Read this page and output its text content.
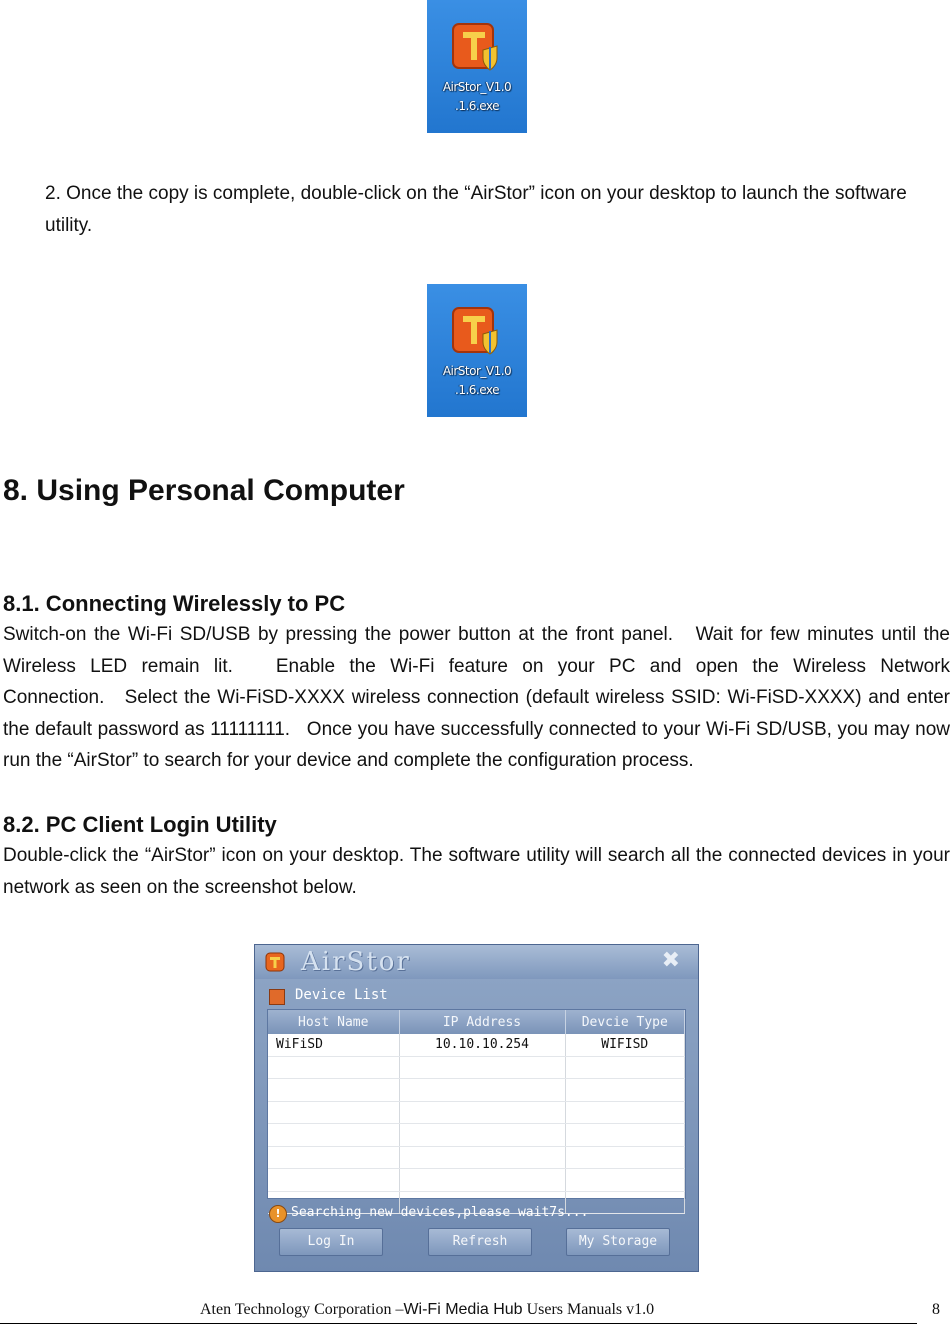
AirStor_V1.0
.1.6.exe
2. Once the copy is complete, double-click on the “AirStor” icon on your desktop to launch the software utility.
AirStor_V1.0
.1.6.exe
8. Using Personal Computer
8.1. Connecting Wirelessly to PC
Switch-on the Wi-Fi SD/USB by pressing the power button at the front panel.   Wait for few minutes until the Wireless LED remain lit.   Enable the Wi-Fi feature on your PC and open the Wireless Network Connection.   Select the Wi-FiSD-XXXX wireless connection (default wireless SSID: Wi-FiSD-XXXX) and enter the default password as 11111111.   Once you have successfully connected to your Wi-Fi SD/USB, you may now run the “AirStor” to search for your device and complete the configuration process.
8.2. PC Client Login Utility
Double-click the “AirStor” icon on your desktop. The software utility will search all the connected devices in your network as seen on the screenshot below.
AirStor	✖
Device List
Host Name	IP Address	Devcie Type
WiFiSD	10.10.10.254	WIFISD

! Searching new devices,please wait7s...
Log In	Refresh	My Storage
Aten Technology Corporation –Wi-Fi Media Hub Users Manuals v1.0	8
